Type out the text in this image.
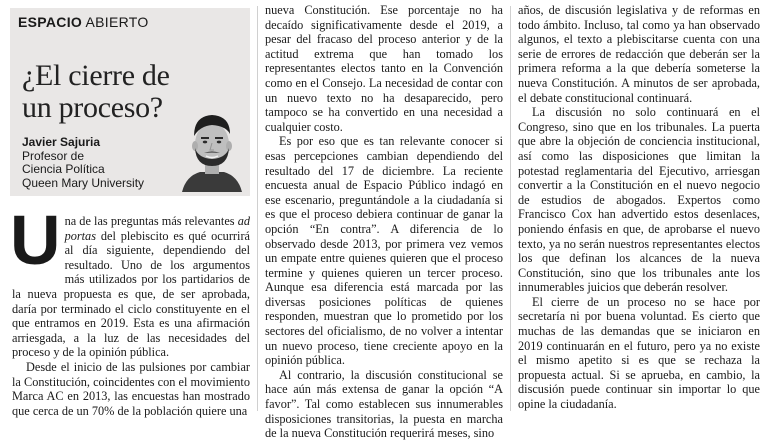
ESPACIO ABIERTO
¿El cierre de un proceso?
Javier Sajuria
Profesor de
Ciencia Política
Queen Mary University

Una de las preguntas más relevantes ad portas del plebiscito es qué ocurrirá al día siguiente, dependiendo del resultado. Uno de los argumentos más utilizados por los partidarios de la nueva propuesta es que, de ser aprobada, daría por terminado el ciclo constituyente en el que entramos en 2019. Esta es una afirmación arriesgada, a la luz de las necesidades del proceso y de la opinión pública.

Desde el inicio de las pulsiones por cambiar la Constitución, coincidentes con el movimiento Marca AC en 2013, las encuestas han mostrado que cerca de un 70% de la población quiere una

nueva Constitución. Ese porcentaje no ha decaído significativamente desde el 2019, a pesar del fracaso del proceso anterior y de la actitud extrema que han tomado los representantes electos tanto en la Convención como en el Consejo. La necesidad de contar con un nuevo texto no ha desaparecido, pero tampoco se ha convertido en una necesidad a cualquier costo.

Es por eso que es tan relevante conocer si esas percepciones cambian dependiendo del resultado del 17 de diciembre. La reciente encuesta anual de Espacio Público indagó en ese escenario, preguntándole a la ciudadanía si es que el proceso debiera continuar de ganar la opción “En contra”. A diferencia de lo observado desde 2013, por primera vez vemos un empate entre quienes quieren que el proceso termine y quienes quieren un tercer proceso. Aunque esa diferencia está marcada por las diversas posiciones políticas de quienes responden, muestran que lo prometido por los sectores del oficialismo, de no volver a intentar un nuevo proceso, tiene creciente apoyo en la opinión pública.

Al contrario, la discusión constitucional se hace aún más extensa de ganar la opción “A favor”. Tal como establecen sus innumerables disposiciones transitorias, la puesta en marcha de la nueva Constitución requerirá meses, sino

años, de discusión legislativa y de reformas en todo ámbito. Incluso, tal como ya han observado algunos, el texto a plebiscitarse cuenta con una serie de errores de redacción que deberán ser la primera reforma a la que debería someterse la nueva Constitución. A minutos de ser aprobada, el debate constitucional continuará.

La discusión no solo continuará en el Congreso, sino que en los tribunales. La puerta que abre la objeción de conciencia institucional, así como las disposiciones que limitan la potestad reglamentaria del Ejecutivo, arriesgan convertir a la Constitución en el nuevo negocio de estudios de abogados. Expertos como Francisco Cox han advertido estos desenlaces, poniendo énfasis en que, de aprobarse el nuevo texto, ya no serán nuestros representantes electos los que definan los alcances de la nueva Constitución, sino que los tribunales ante los innumerables juicios que deberán resolver.

El cierre de un proceso no se hace por secretaría ni por buena voluntad. Es cierto que muchas de las demandas que se iniciaron en 2019 continuarán en el futuro, pero ya no existe el mismo apetito si es que se rechaza la propuesta actual. Si se aprueba, en cambio, la discusión puede continuar sin importar lo que opine la ciudadanía.
